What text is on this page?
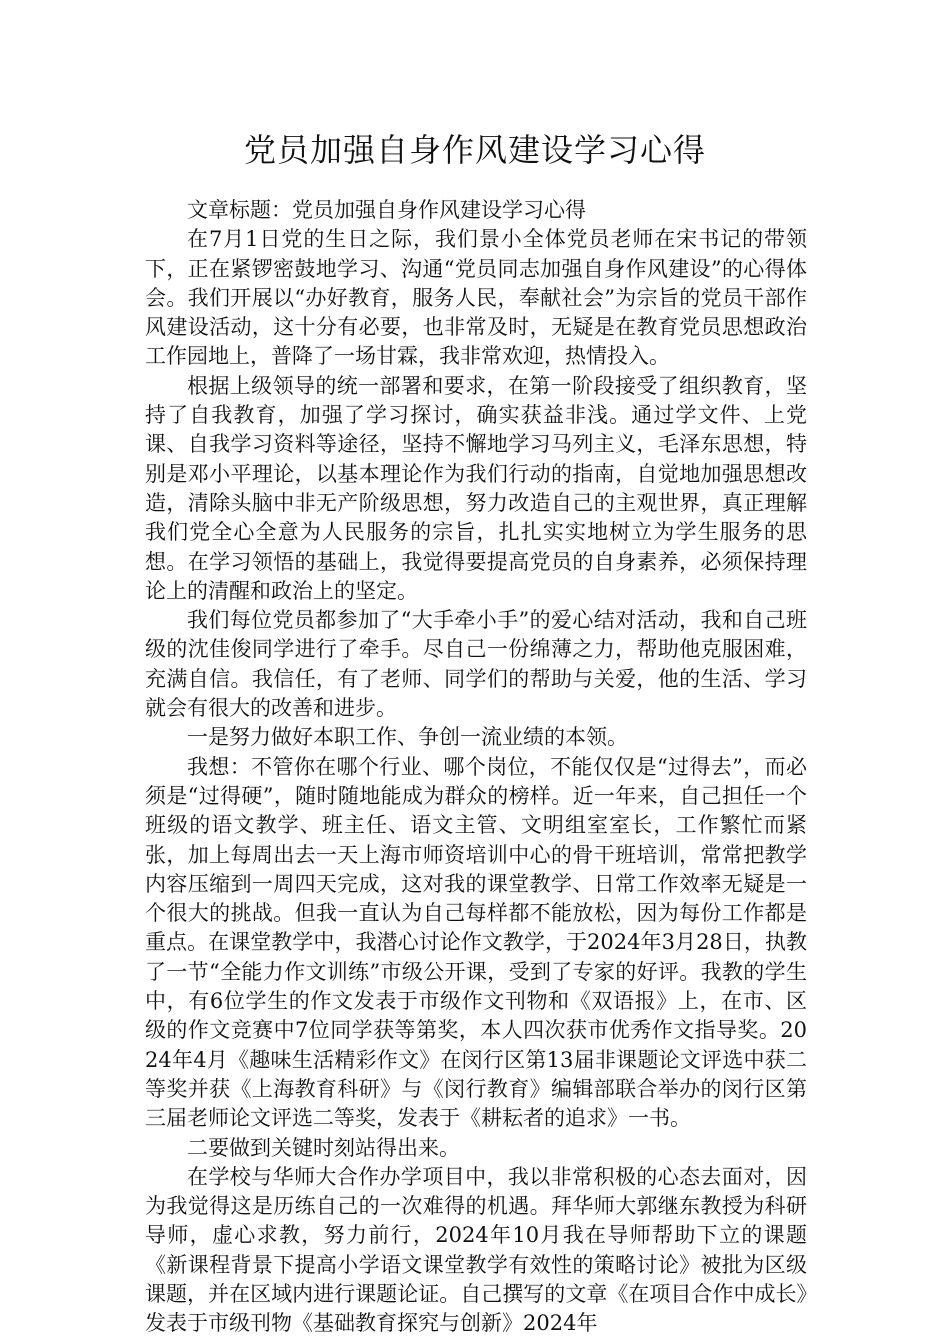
党员加强自身作风建设学习心得

文章标题：党员加强自身作风建设学习心得

在7月1日党的生日之际，我们景小全体党员老师在宋书记的带领下，正在紧锣密鼓地学习、沟通“党员同志加强自身作风建设”的心得体会。我们开展以“办好教育，服务人民，奉献社会”为宗旨的党员干部作风建设活动，这十分有必要，也非常及时，无疑是在教育党员思想政治工作园地上，普降了一场甘霖，我非常欢迎，热情投入。

根据上级领导的统一部署和要求，在第一阶段接受了组织教育，坚持了自我教育，加强了学习探讨，确实获益非浅。通过学文件、上党课、自我学习资料等途径，坚持不懈地学习马列主义，毛泽东思想，特别是邓小平理论，以基本理论作为我们行动的指南，自觉地加强思想改造，清除头脑中非无产阶级思想，努力改造自己的主观世界，真正理解我们党全心全意为人民服务的宗旨，扎扎实实地树立为学生服务的思想。在学习领悟的基础上，我觉得要提高党员的自身素养，必须保持理论上的清醒和政治上的坚定。

我们每位党员都参加了“大手牵小手”的爱心结对活动，我和自己班级的沈佳俊同学进行了牵手。尽自己一份绵薄之力，帮助他克服困难，充满自信。我信任，有了老师、同学们的帮助与关爱，他的生活、学习就会有很大的改善和进步。

一是努力做好本职工作、争创一流业绩的本领。

我想：不管你在哪个行业、哪个岗位，不能仅仅是“过得去”，而必须是“过得硬”，随时随地能成为群众的榜样。近一年来，自己担任一个班级的语文教学、班主任、语文主管、文明组室室长，工作繁忙而紧张，加上每周出去一天上海市师资培训中心的骨干班培训，常常把教学内容压缩到一周四天完成，这对我的课堂教学、日常工作效率无疑是一个很大的挑战。但我一直认为自己每样都不能放松，因为每份工作都是重点。在课堂教学中，我潜心讨论作文教学，于2024年3月28日，执教了一节“全能力作文训练”市级公开课，受到了专家的好评。我教的学生中，有6位学生的作文发表于市级作文刊物和《双语报》上，在市、区级的作文竞赛中7位同学获等第奖，本人四次获市优秀作文指导奖。2024年4月《趣味生活精彩作文》在闵行区第13届非课题论文评选中获二等奖并获《上海教育科研》与《闵行教育》编辑部联合举办的闵行区第三届老师论文评选二等奖，发表于《耕耘者的追求》一书。

二要做到关键时刻站得出来。

在学校与华师大合作办学项目中，我以非常积极的心态去面对，因为我觉得这是历练自己的一次难得的机遇。拜华师大郭继东教授为科研导师，虚心求教，努力前行，2024年10月我在导师帮助下立的课题《新课程背景下提高小学语文课堂教学有效性的策略讨论》被批为区级课题，并在区域内进行课题论证。自己撰写的文章《在项目合作中成长》发表于市级刊物《基础教育探究与创新》2024年
